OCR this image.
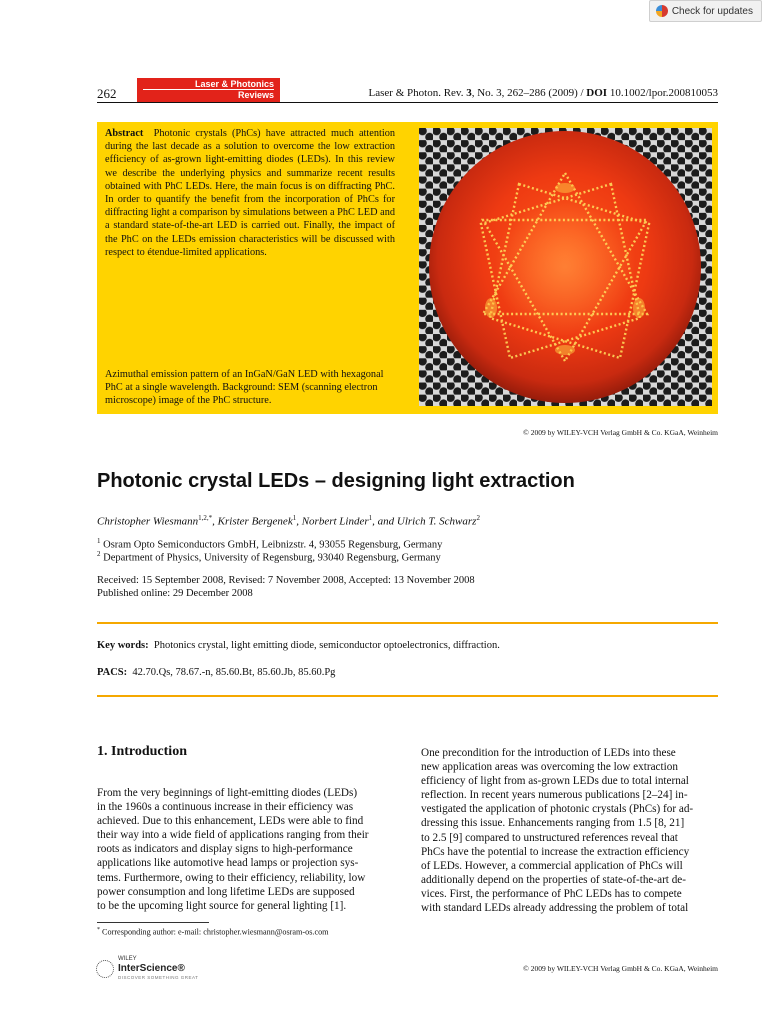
Check for updates
262
Laser & Photonics
Reviews	Laser & Photon. Rev. 3, No. 3, 262–286 (2009) / DOI 10.1002/lpor.200810053

Abstract Photonic crystals (PhCs) have attracted much attention during the last decade as a solution to overcome the low extraction efficiency of as-grown light-emitting diodes (LEDs). In this review we describe the underlying physics and summarize recent results obtained with PhC LEDs. Here, the main focus is on diffracting PhC. In order to quantify the benefit from the incorporation of PhCs for diffracting light a comparison by simulations between a PhC LED and a standard state-of-the-art LED is carried out. Finally, the impact of the PhC on the LEDs emission characteristics will be discussed with respect to étendue-limited applications.

Azimuthal emission pattern of an InGaN/GaN LED with hexagonal PhC at a single wavelength. Background: SEM (scanning electron microscope) image of the PhC structure.

© 2009 by WILEY-VCH Verlag GmbH & Co. KGaA, Weinheim
Photonic crystal LEDs – designing light extraction
Christopher Wiesmann$^{1,2,*}$, Krister Bergenek$^1$, Norbert Linder$^1$, and Ulrich T. Schwarz$^2$
$^1$ Osram Opto Semiconductors GmbH, Leibnizstr. 4, 93055 Regensburg, Germany
$^2$ Department of Physics, University of Regensburg, 93040 Regensburg, Germany
Received: 15 September 2008, Revised: 7 November 2008, Accepted: 13 November 2008
Published online: 29 December 2008
Key words: Photonics crystal, light emitting diode, semiconductor optoelectronics, diffraction.
PACS: 42.70.Qs, 78.67.-n, 85.60.Bt, 85.60.Jb, 85.60.Pg
1. Introduction
From the very beginnings of light-emitting diodes (LEDs)
in the 1960s a continuous increase in their efficiency was
achieved. Due to this enhancement, LEDs were able to find
their way into a wide field of applications ranging from their
roots as indicators and display signs to high-performance
applications like automotive head lamps or projection sys-
tems. Furthermore, owing to their efficiency, reliability, low
power consumption and long lifetime LEDs are supposed
to be the upcoming light source for general lighting [1].
One precondition for the introduction of LEDs into these
new application areas was overcoming the low extraction
efficiency of light from as-grown LEDs due to total internal
reflection. In recent years numerous publications [2–24] in-
vestigated the application of photonic crystals (PhCs) for ad-
dressing this issue. Enhancements ranging from 1.5 [8, 21]
to 2.5 [9] compared to unstructured references reveal that
PhCs have the potential to increase the extraction efficiency
of LEDs. However, a commercial application of PhCs will
additionally depend on the properties of state-of-the-art de-
vices. First, the performance of PhC LEDs has to compete
with standard LEDs already addressing the problem of total
* Corresponding author: e-mail: christopher.wiesmann@osram-os.com
WILEY
InterScience®
DISCOVER SOMETHING GREAT
© 2009 by WILEY-VCH Verlag GmbH & Co. KGaA, Weinheim
